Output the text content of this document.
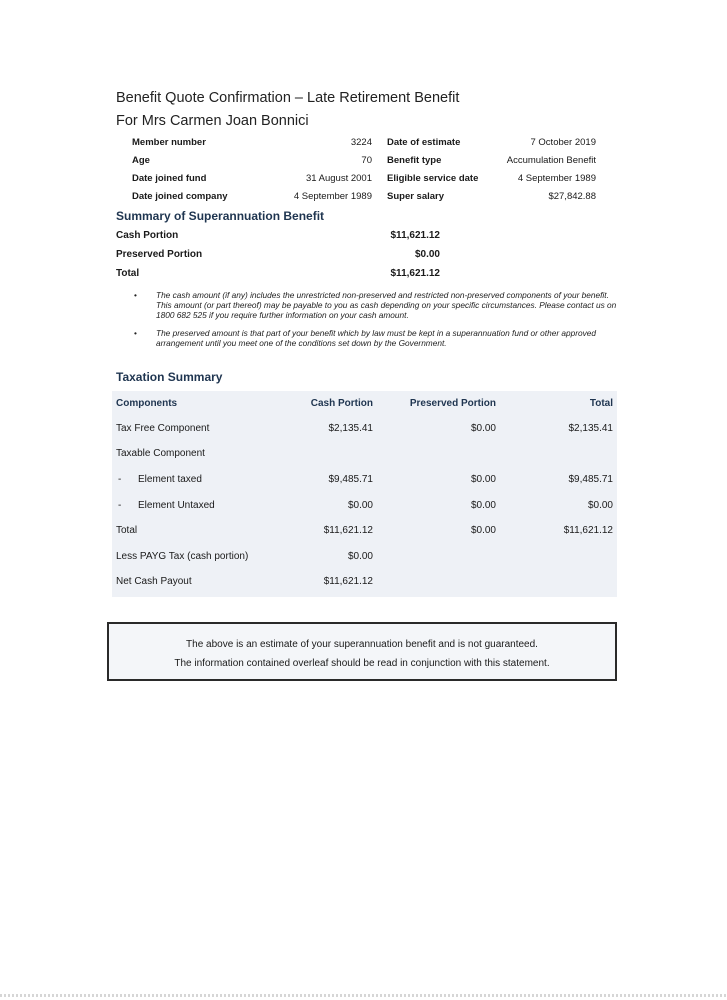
Benefit Quote Confirmation – Late Retirement Benefit
For Mrs Carmen Joan Bonnici
Member number	3224 Date of estimate	7 October 2019
Age	70 Benefit type	Accumulation Benefit
Date joined fund	31 August 2001 Eligible service date	4 September 1989
Date joined company	4 September 1989 Super salary	$27,842.88
Summary of Superannuation Benefit
Cash Portion	$11,621.12
Preserved Portion	$0.00
Total	$11,621.12
• The cash amount (if any) includes the unrestricted non-preserved and restricted non-preserved components of your benefit. This amount (or part thereof) may be payable to you as cash depending on your specific circumstances. Please contact us on 1800 682 525 if you require further information on your cash amount.
• The preserved amount is that part of your benefit which by law must be kept in a superannuation fund or other approved arrangement until you meet one of the conditions set down by the Government.
Taxation Summary
Components	Cash Portion	Preserved Portion	Total
Tax Free Component	$2,135.41	$0.00	$2,135.41
Taxable Component
- Element taxed	$9,485.71	$0.00	$9,485.71
- Element Untaxed	$0.00	$0.00	$0.00
Total	$11,621.12	$0.00	$11,621.12
Less PAYG Tax (cash portion)	$0.00
Net Cash Payout	$11,621.12
The above is an estimate of your superannuation benefit and is not guaranteed.
The information contained overleaf should be read in conjunction with this statement.
